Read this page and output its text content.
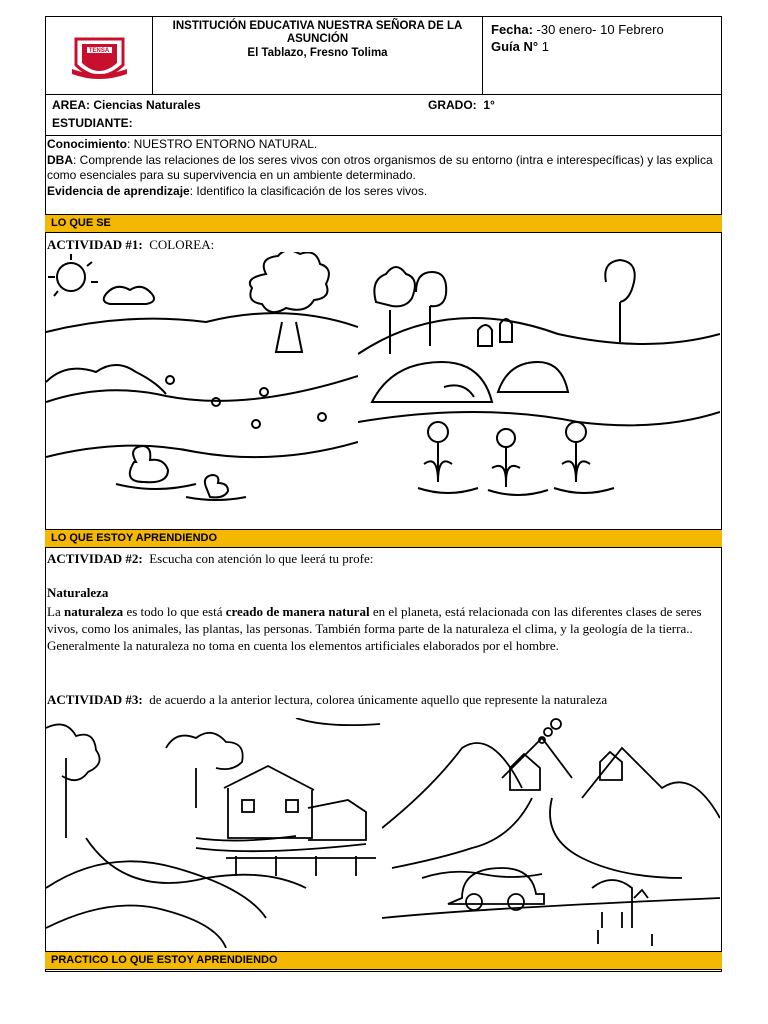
TENSA
INSTITUCIÓN EDUCATIVA NUESTRA SEÑORA DE LA ASUNCIÓN
El Tablazo, Fresno Tolima
Fecha: -30 enero- 10 Febrero
Guía N° 1
AREA: Ciencias Naturales	GRADO: 1°
ESTUDIANTE:
Conocimiento: NUESTRO ENTORNO NATURAL.
DBA: Comprende las relaciones de los seres vivos con otros organismos de su entorno (intra e interespecíficas) y las explica como esenciales para su supervivencia en un ambiente determinado.
Evidencia de aprendizaje: Identifico la clasificación de los seres vivos.
LO QUE SE
ACTIVIDAD #1: COLOREA:
LO QUE ESTOY APRENDIENDO
ACTIVIDAD #2: Escucha con atención lo que leerá tu profe:
Naturaleza
La naturaleza es todo lo que está creado de manera natural en el planeta, está relacionada con las diferentes clases de seres vivos, como los animales, las plantas, las personas. También forma parte de la naturaleza el clima, y la geología de la tierra.. Generalmente la naturaleza no toma en cuenta los elementos artificiales elaborados por el hombre.
ACTIVIDAD #3: de acuerdo a la anterior lectura, colorea únicamente aquello que represente la naturaleza
PRACTICO LO QUE ESTOY APRENDIENDO
